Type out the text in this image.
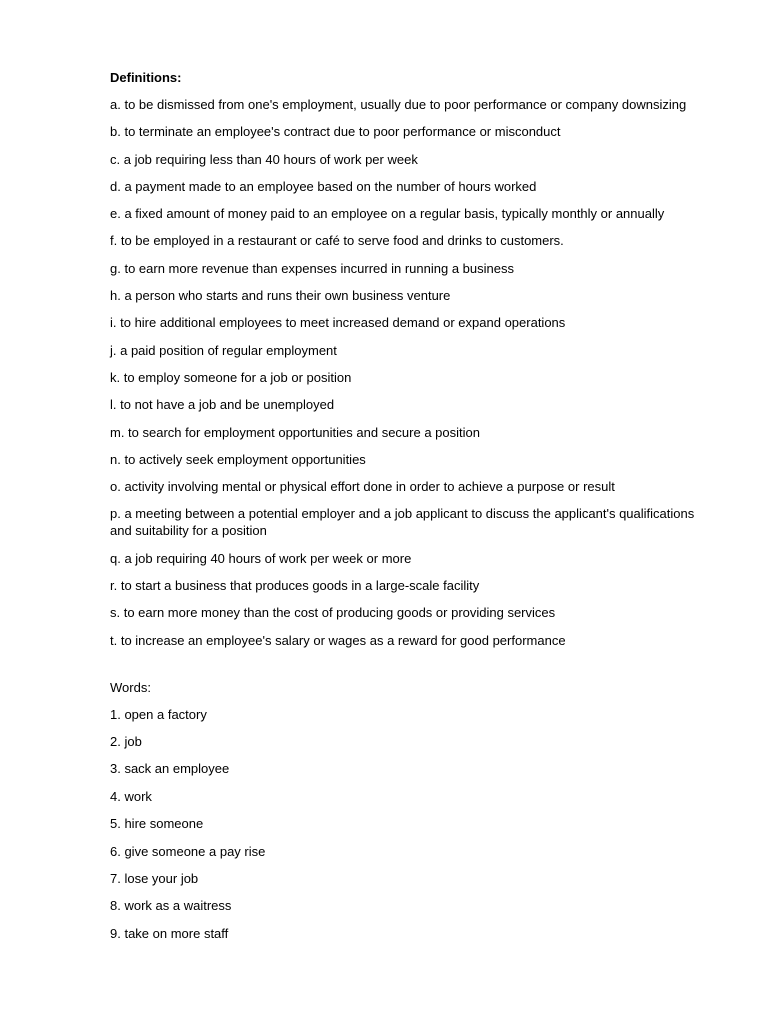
Definitions:
a. to be dismissed from one's employment, usually due to poor performance or company downsizing
b. to terminate an employee's contract due to poor performance or misconduct
c. a job requiring less than 40 hours of work per week
d. a payment made to an employee based on the number of hours worked
e. a fixed amount of money paid to an employee on a regular basis, typically monthly or annually
f. to be employed in a restaurant or café to serve food and drinks to customers.
g. to earn more revenue than expenses incurred in running a business
h. a person who starts and runs their own business venture
i. to hire additional employees to meet increased demand or expand operations
j. a paid position of regular employment
k. to employ someone for a job or position
l. to not have a job and be unemployed
m. to search for employment opportunities and secure a position
n. to actively seek employment opportunities
o. activity involving mental or physical effort done in order to achieve a purpose or result
p. a meeting between a potential employer and a job applicant to discuss the applicant's qualifications and suitability for a position
q. a job requiring 40 hours of work per week or more
r. to start a business that produces goods in a large-scale facility
s. to earn more money than the cost of producing goods or providing services
t. to increase an employee's salary or wages as a reward for good performance
Words:
1. open a factory
2. job
3. sack an employee
4. work
5. hire someone
6. give someone a pay rise
7. lose your job
8. work as a waitress
9. take on more staff
